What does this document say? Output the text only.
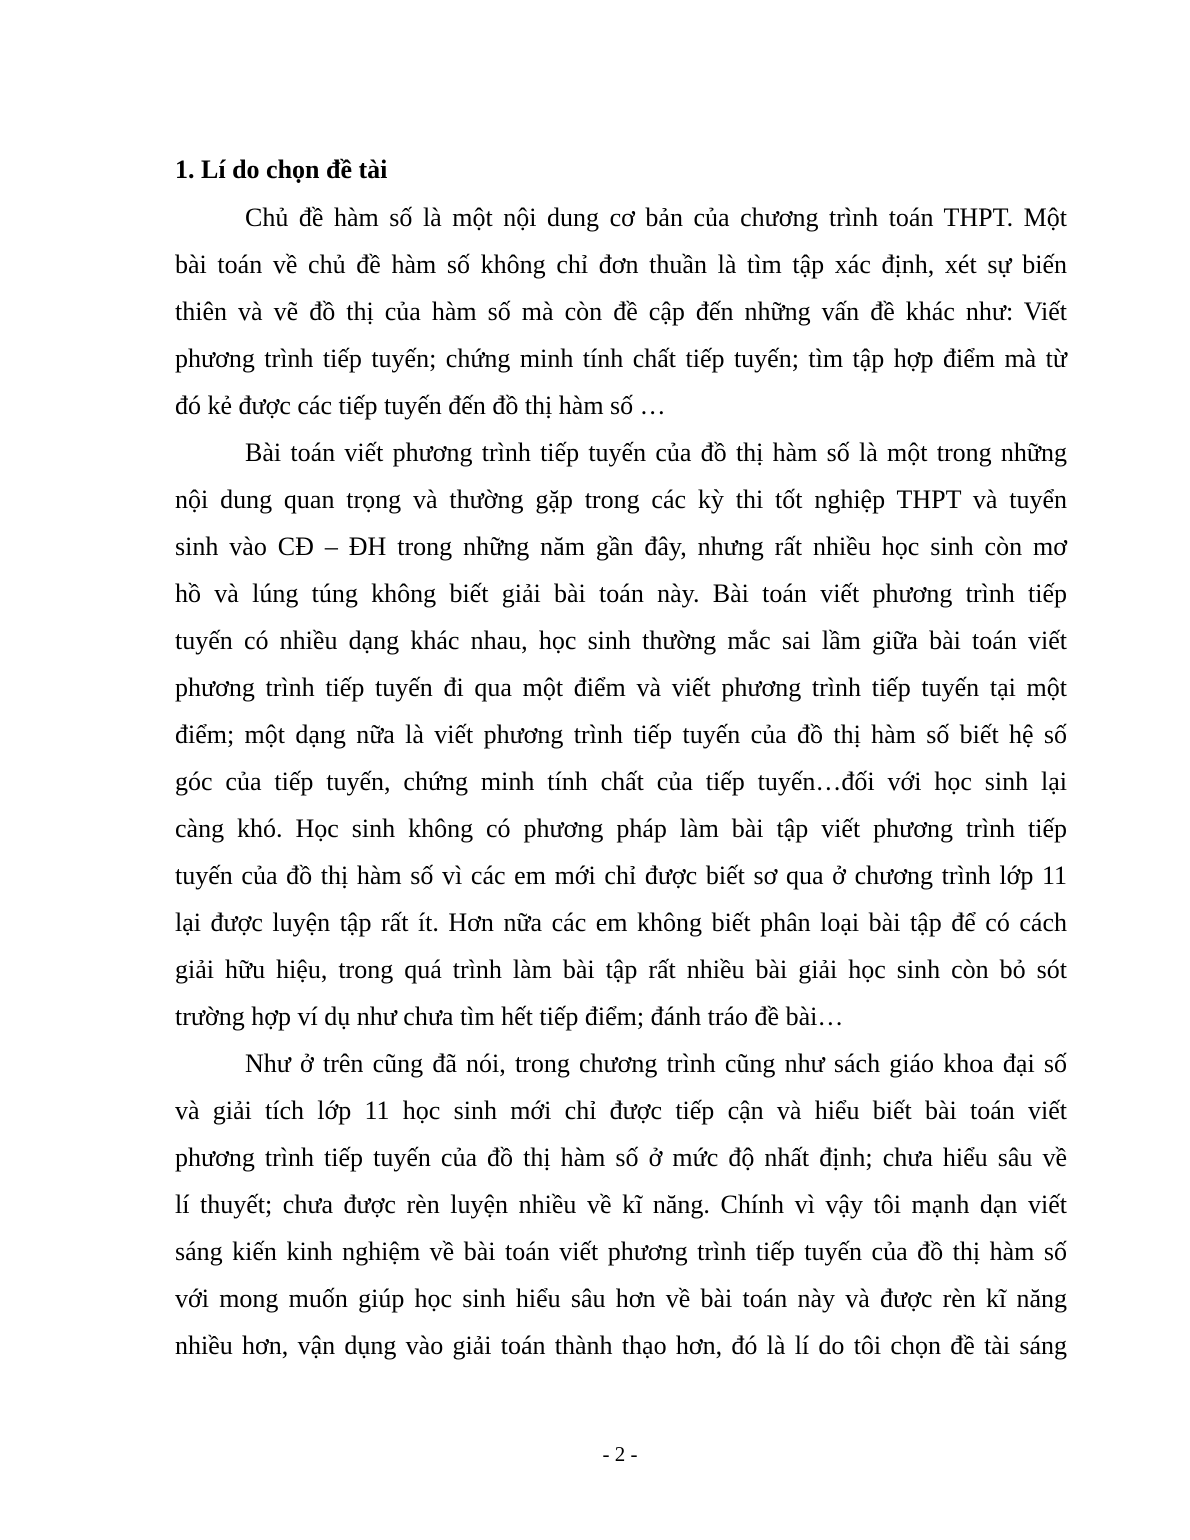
1. Lí do chọn đề tài
Chủ đề hàm số là một nội dung cơ bản của chương trình toán THPT. Một
bài toán về chủ đề hàm số không chỉ đơn thuần là tìm tập xác định, xét sự biến
thiên và vẽ đồ thị của hàm số mà còn đề cập đến những vấn đề khác như: Viết
phương trình tiếp tuyến; chứng minh tính chất tiếp tuyến; tìm tập hợp điểm mà từ
đó kẻ được các tiếp tuyến đến đồ thị hàm số …
Bài toán viết phương trình tiếp tuyến của đồ thị hàm số là một trong những
nội dung quan trọng và thường gặp trong các kỳ thi tốt nghiệp THPT và tuyển
sinh vào CĐ – ĐH trong những năm gần đây, nhưng rất nhiều học sinh còn mơ
hồ và lúng túng không biết giải bài toán này. Bài toán viết phương trình tiếp
tuyến có nhiều dạng khác nhau, học sinh thường mắc sai lầm giữa bài toán viết
phương trình tiếp tuyến đi qua một điểm và viết phương trình tiếp tuyến tại một
điểm; một dạng nữa là viết phương trình tiếp tuyến của đồ thị hàm số biết hệ số
góc của tiếp tuyến, chứng minh tính chất của tiếp tuyến…đối với học sinh lại
càng khó. Học sinh không có phương pháp làm bài tập viết phương trình tiếp
tuyến của đồ thị hàm số vì các em mới chỉ được biết sơ qua ở chương trình lớp 11
lại được luyện tập rất ít. Hơn nữa các em không biết phân loại bài tập để có cách
giải hữu hiệu, trong quá trình làm bài tập rất nhiều bài giải học sinh còn bỏ sót
trường hợp ví dụ như chưa tìm hết tiếp điểm; đánh tráo đề bài…
Như ở trên cũng đã nói, trong chương trình cũng như sách giáo khoa đại số
và giải tích lớp 11 học sinh mới chỉ được tiếp cận và hiểu biết bài toán viết
phương trình tiếp tuyến của đồ thị hàm số ở mức độ nhất định; chưa hiểu sâu về
lí thuyết; chưa được rèn luyện nhiều về kĩ năng. Chính vì vậy tôi mạnh dạn viết
sáng kiến kinh nghiệm về bài toán viết phương trình tiếp tuyến của đồ thị hàm số
với mong muốn giúp học sinh hiểu sâu hơn về bài toán này và được rèn kĩ năng
nhiều hơn, vận dụng vào giải toán thành thạo hơn, đó là lí do tôi chọn đề tài sáng
- 2 -
